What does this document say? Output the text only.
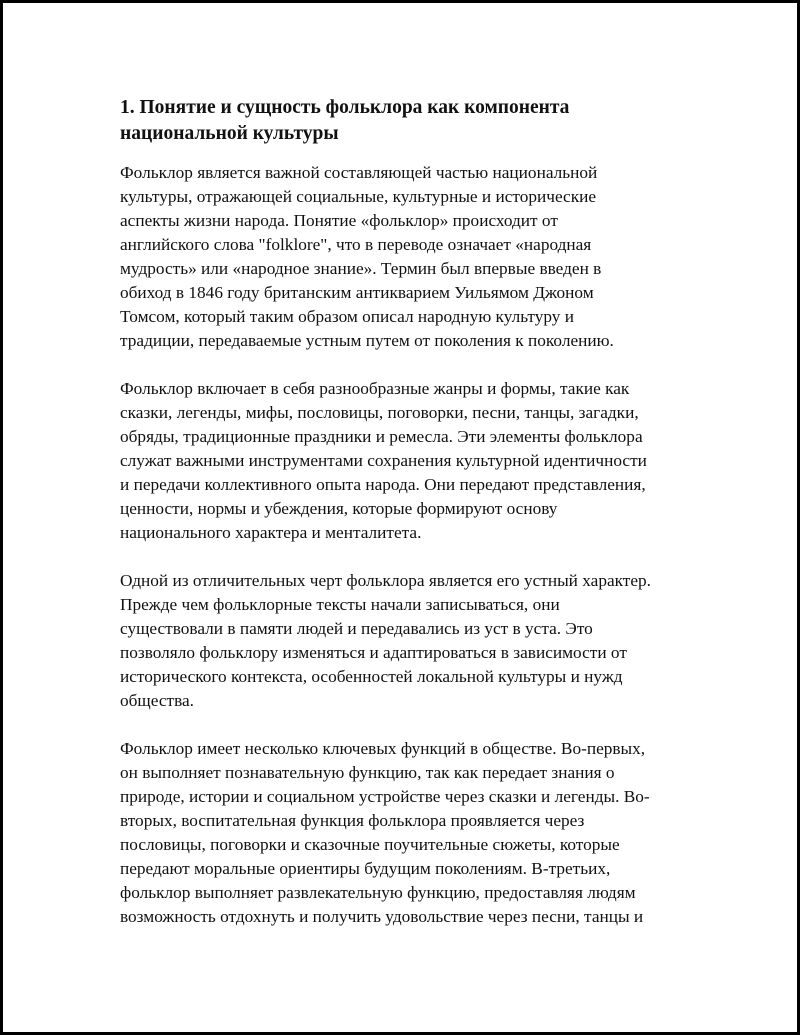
1. Понятие и сущность фольклора как компонента
национальной культуры

Фольклор является важной составляющей частью национальной
культуры, отражающей социальные, культурные и исторические
аспекты жизни народа. Понятие «фольклор» происходит от
английского слова "folklore", что в переводе означает «народная
мудрость» или «народное знание». Термин был впервые введен в
обиход в 1846 году британским антикварием Уильямом Джоном
Томсом, который таким образом описал народную культуру и
традиции, передаваемые устным путем от поколения к поколению.

Фольклор включает в себя разнообразные жанры и формы, такие как
сказки, легенды, мифы, пословицы, поговорки, песни, танцы, загадки,
обряды, традиционные праздники и ремесла. Эти элементы фольклора
служат важными инструментами сохранения культурной идентичности
и передачи коллективного опыта народа. Они передают представления,
ценности, нормы и убеждения, которые формируют основу
национального характера и менталитета.

Одной из отличительных черт фольклора является его устный характер.
Прежде чем фольклорные тексты начали записываться, они
существовали в памяти людей и передавались из уст в уста. Это
позволяло фольклору изменяться и адаптироваться в зависимости от
исторического контекста, особенностей локальной культуры и нужд
общества.

Фольклор имеет несколько ключевых функций в обществе. Во-первых,
он выполняет познавательную функцию, так как передает знания о
природе, истории и социальном устройстве через сказки и легенды. Во-
вторых, воспитательная функция фольклора проявляется через
пословицы, поговорки и сказочные поучительные сюжеты, которые
передают моральные ориентиры будущим поколениям. В-третьих,
фольклор выполняет развлекательную функцию, предоставляя людям
возможность отдохнуть и получить удовольствие через песни, танцы и
